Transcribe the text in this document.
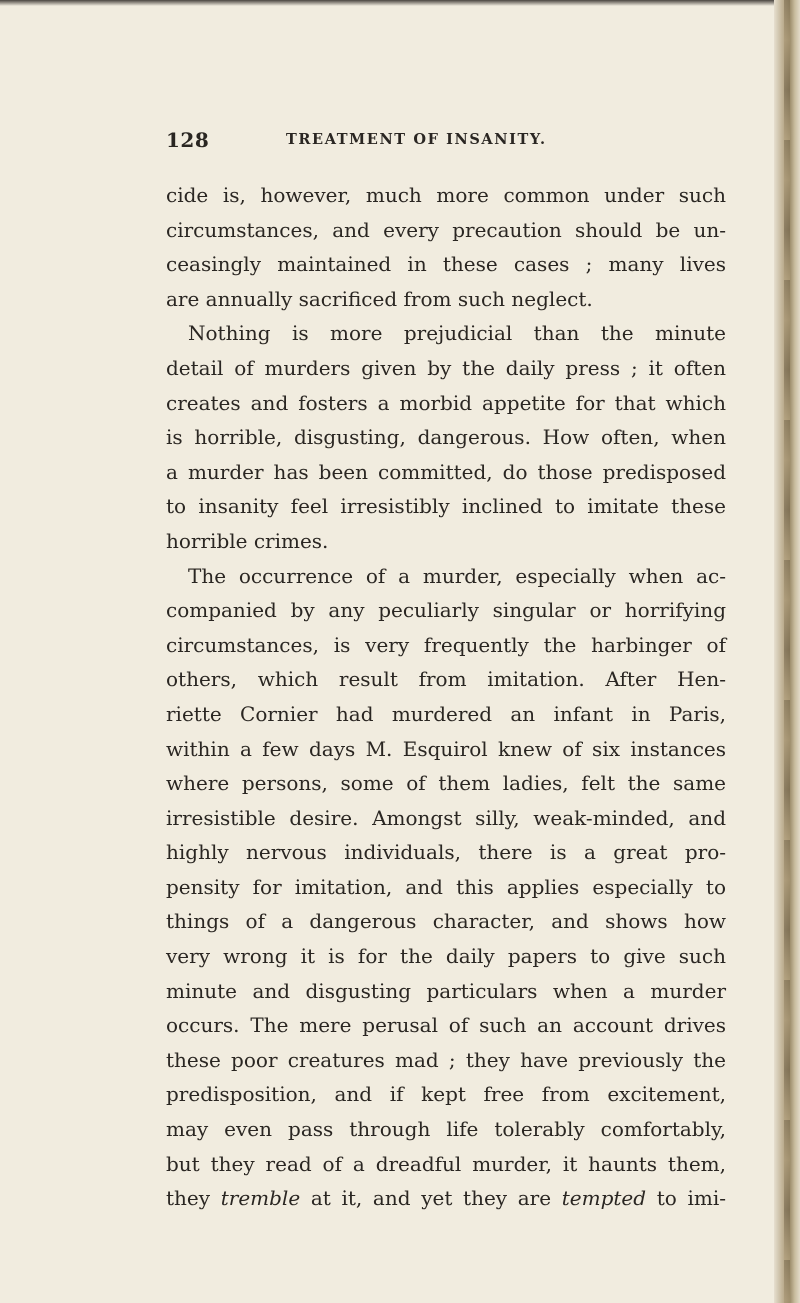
128	TREATMENT OF INSANITY.
cide is, however, much more common under such
circumstances, and every precaution should be un-
ceasingly maintained in these cases ; many lives
are annually sacrificed from such neglect.
Nothing is more prejudicial than the minute
detail of murders given by the daily press ; it often
creates and fosters a morbid appetite for that which
is horrible, disgusting, dangerous. How often, when
a murder has been committed, do those predisposed
to insanity feel irresistibly inclined to imitate these
horrible crimes.
The occurrence of a murder, especially when ac-
companied by any peculiarly singular or horrifying
circumstances, is very frequently the harbinger of
others, which result from imitation. After Hen-
riette Cornier had murdered an infant in Paris,
within a few days M. Esquirol knew of six instances
where persons, some of them ladies, felt the same
irresistible desire. Amongst silly, weak-minded, and
highly nervous individuals, there is a great pro-
pensity for imitation, and this applies especially to
things of a dangerous character, and shows how
very wrong it is for the daily papers to give such
minute and disgusting particulars when a murder
occurs. The mere perusal of such an account drives
these poor creatures mad ; they have previously the
predisposition, and if kept free from excitement,
may even pass through life tolerably comfortably,
but they read of a dreadful murder, it haunts them,
they tremble at it, and yet they are tempted to imi-
